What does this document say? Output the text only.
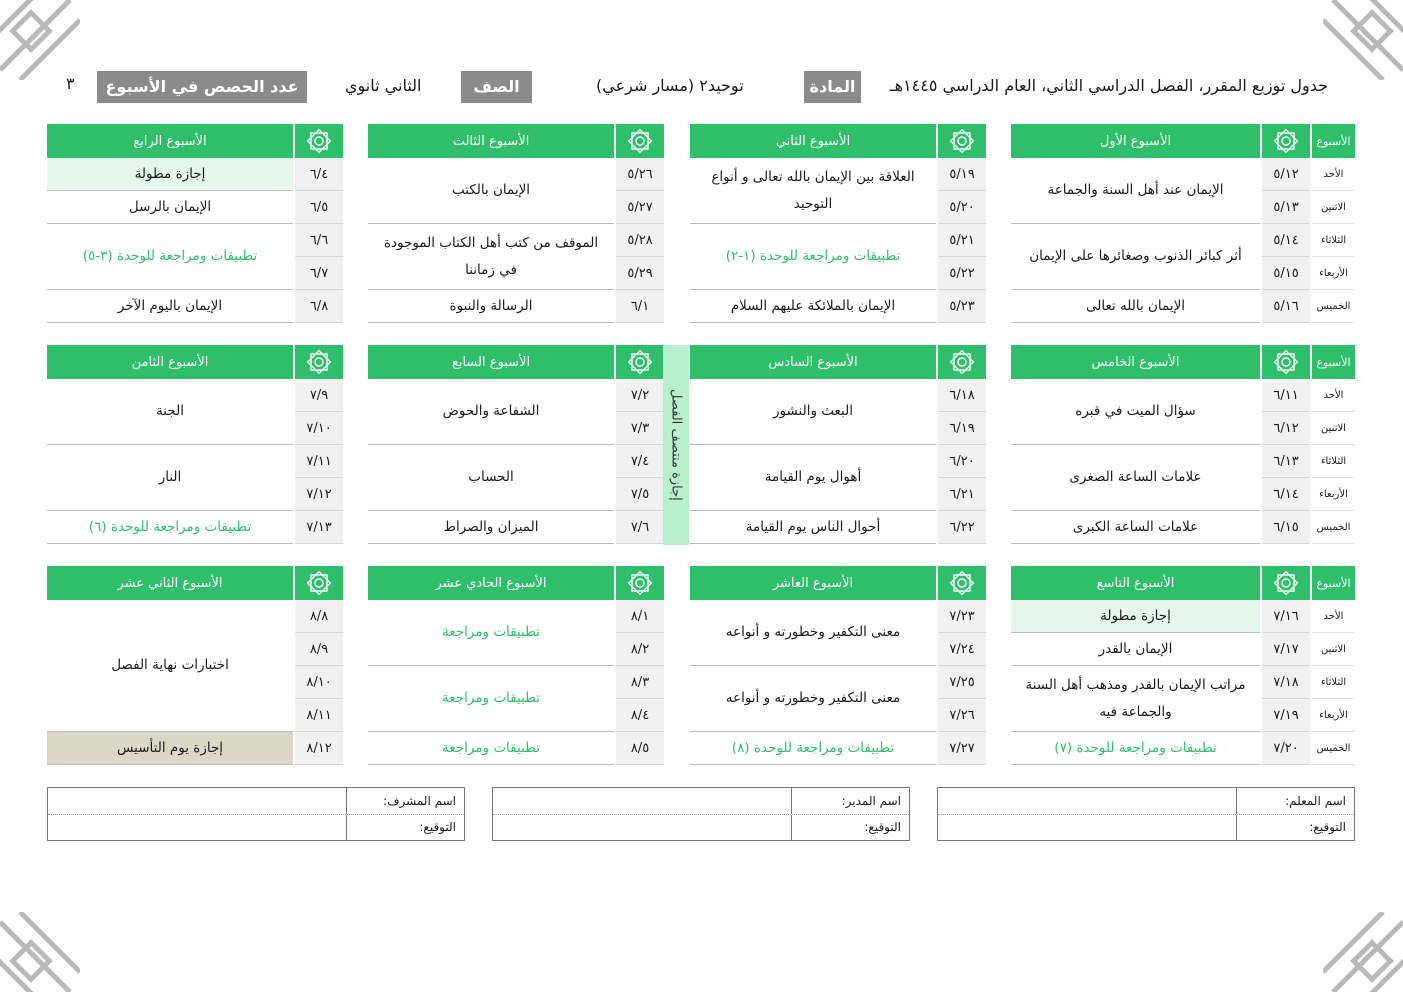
جدول توزيع المقرر، الفصل الدراسي الثاني، العام الدراسي ١٤٤٥هـ
المادة
توحيد٢ (مسار شرعي)
الصف
الثاني ثانوي
عدد الحصص في الأسبوع
٣
الأسبوع
الأسبوع الأول
الأحد
الاثنين
الثلاثاء
الأربعاء
الخميس
٥/١٢
٥/١٣
٥/١٤
٥/١٥
٥/١٦
الإيمان عند أهل السنة والجماعة
أثر كبائر الذنوب وصغائرها على الإيمان
الإيمان بالله تعالى
الأسبوع الثاني
٥/١٩
٥/٢٠
٥/٢١
٥/٢٢
٥/٢٣
العلاقة بين الإيمان بالله تعالى و أنواع التوحيد
تطبيقات ومراجعة للوحدة (١-٢)
الإيمان بالملائكة عليهم السلام
الأسبوع الثالث
٥/٢٦
٥/٢٧
٥/٢٨
٥/٢٩
٦/١
الإيمان بالكتب
الموقف من كتب أهل الكتاب الموجودة في زماننا
الرسالة والنبوة
الأسبوع الرابع
٦/٤
٦/٥
٦/٦
٦/٧
٦/٨
إجازة مطولة
الإيمان بالرسل
تطبيقات ومراجعة للوحدة (٣-٥)
الإيمان باليوم الآخر
الأسبوع
الأسبوع الخامس
الأحد
الاثنين
الثلاثاء
الأربعاء
الخميس
٦/١١
٦/١٢
٦/١٣
٦/١٤
٦/١٥
سؤال الميت في قبره
علامات الساعة الصغرى
علامات الساعة الكبرى
الأسبوع السادس
٦/١٨
٦/١٩
٦/٢٠
٦/٢١
٦/٢٢
البعث والنشور
أهوال يوم القيامة
أحوال الناس يوم القيامة
الأسبوع السابع
٧/٢
٧/٣
٧/٤
٧/٥
٧/٦
الشفاعة والحوض
الحساب
الميزان والصراط
الأسبوع الثامن
٧/٩
٧/١٠
٧/١١
٧/١٢
٧/١٣
الجنة
النار
تطبيقات ومراجعة للوحدة (٦)
الأسبوع
الأسبوع التاسع
الأحد
الاثنين
الثلاثاء
الأربعاء
الخميس
٧/١٦
٧/١٧
٧/١٨
٧/١٩
٧/٢٠
إجازة مطولة
الإيمان بالقدر
مراتب الإيمان بالقدر ومذهب أهل السنة والجماعة فيه
تطبيقات ومراجعة للوحدة (٧)
الأسبوع العاشر
٧/٢٣
٧/٢٤
٧/٢٥
٧/٢٦
٧/٢٧
معنى التكفير وخطورته و أنواعه
معنى التكفير وخطورته و أنواعه
تطبيقات ومراجعة للوحدة (٨)
الأسبوع الحادي عشر
٨/١
٨/٢
٨/٣
٨/٤
٨/٥
تطبيقات ومراجعة
تطبيقات ومراجعة
تطبيقات ومراجعة
الأسبوع الثاني عشر
٨/٨
٨/٩
٨/١٠
٨/١١
٨/١٢
اختبارات نهاية الفصل
إجازة يوم التأسيس
إجازة منتصف الفصل
اسم المعلم:
التوقيع:
اسم المدير:
التوقيع:
اسم المشرف:
التوقيع:
